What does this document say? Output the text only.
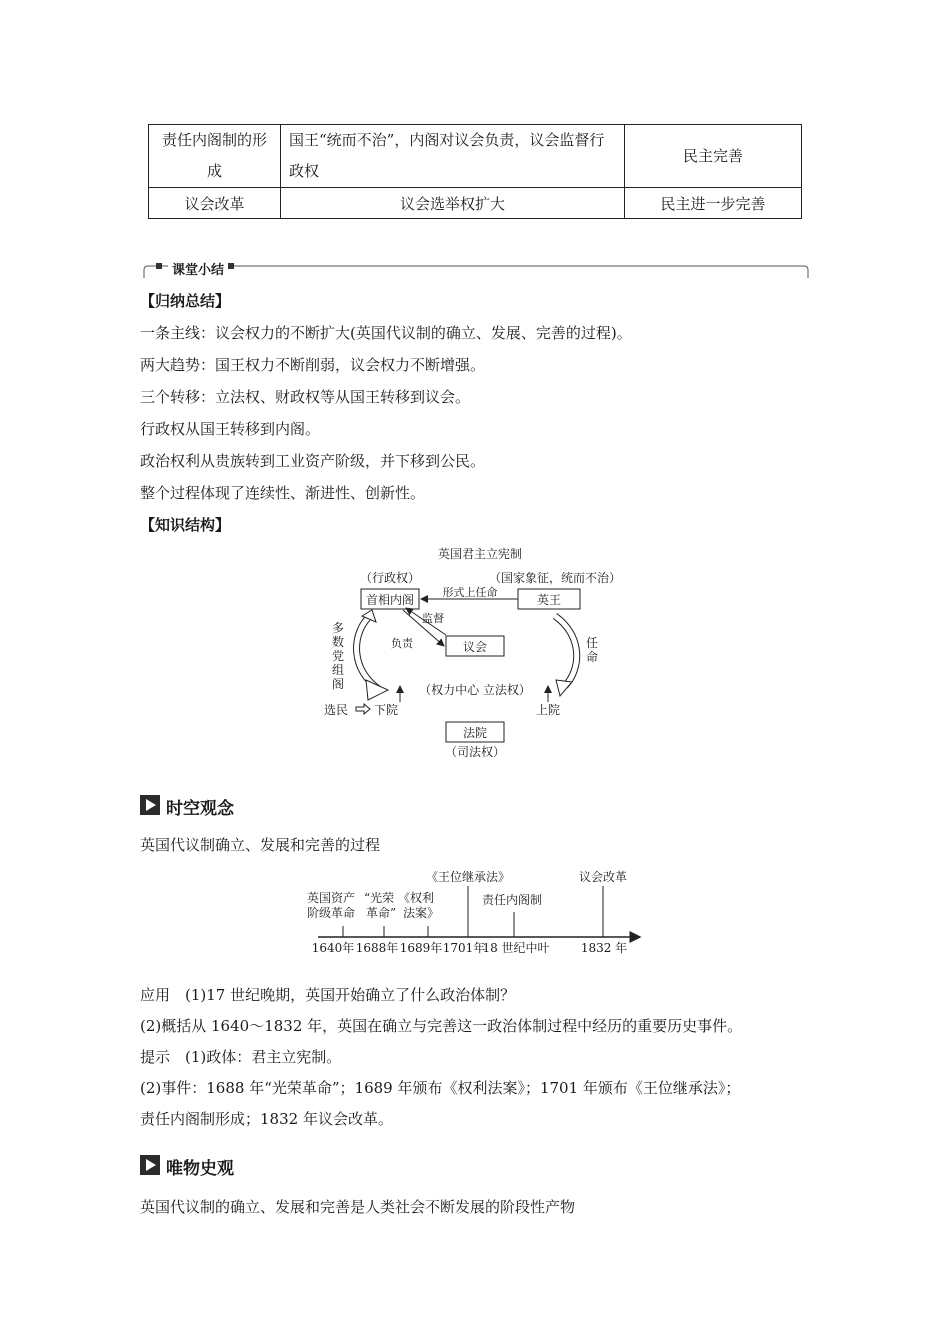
责任内阁制的形成	国王“统而不治”，内阁对议会负责，议会监督行政权	民主完善
议会改革	议会选举权扩大	民主进一步完善
课堂小结
【归纳总结】
一条主线：议会权力的不断扩大(英国代议制的确立、发展、完善的过程)。
两大趋势：国王权力不断削弱，议会权力不断增强。
三个转移：立法权、财政权等从国王转移到议会。
行政权从国王转移到内阁。
政治权利从贵族转到工业资产阶级，并下移到公民。
整个过程体现了连续性、渐进性、创新性。
【知识结构】
英国君主立宪制
（行政权）	（国家象征，统而不治）
首相内阁	英王
形式上任命
议会
监督
负责
多
数
党
组
阁
任
命
（权力中心 立法权）
选民 下院	上院
法院
（司法权）
时空观念
英国代议制确立、发展和完善的过程
英国资产
阶级革命
“光荣
革命”
《权利
法案》
《王位继承法》
责任内阁制
议会改革
1640年 1688年 1689年 1701年
18 世纪中叶	1832 年
应用　(1)17 世纪晚期，英国开始确立了什么政治体制？
(2)概括从 1640～1832 年，英国在确立与完善这一政治体制过程中经历的重要历史事件。
提示　(1)政体：君主立宪制。
(2)事件：1688 年“光荣革命”；1689 年颁布《权利法案》；1701 年颁布《王位继承法》；
责任内阁制形成；1832 年议会改革。
唯物史观
英国代议制的确立、发展和完善是人类社会不断发展的阶段性产物
